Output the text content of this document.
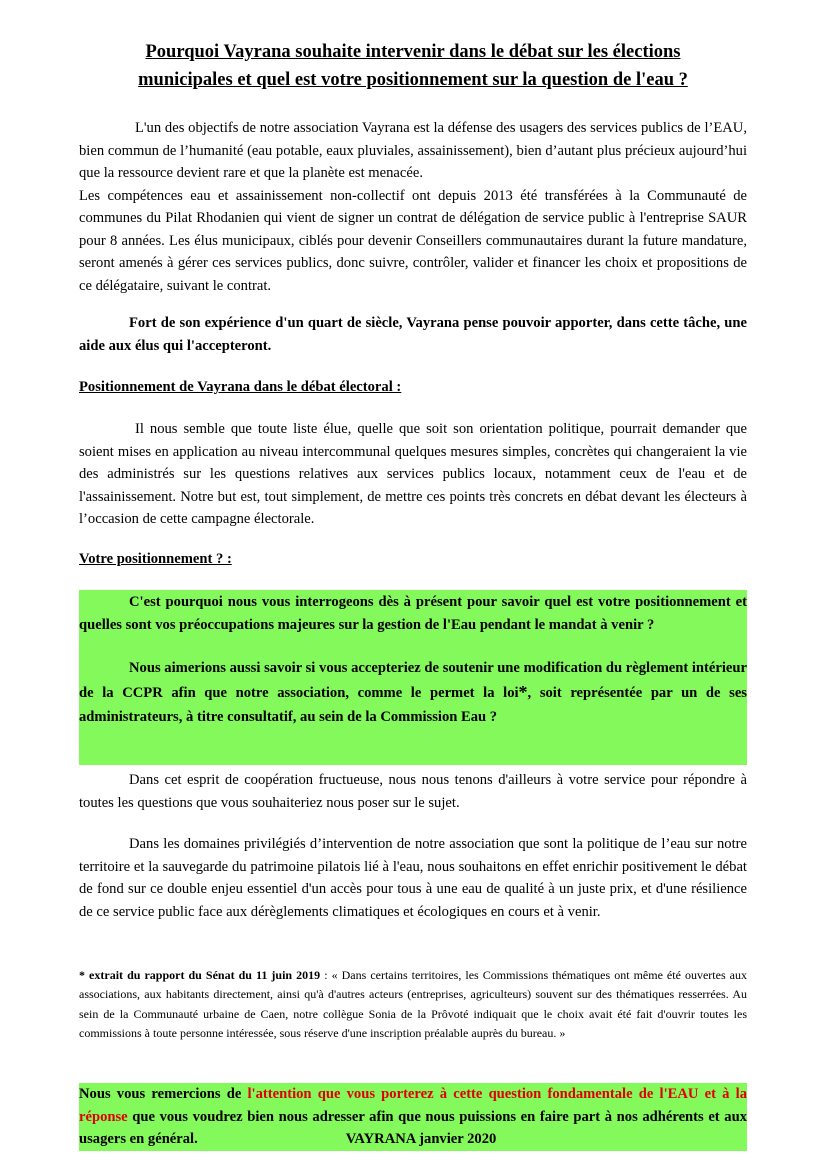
Pourquoi Vayrana souhaite intervenir dans le débat sur les élections
municipales et quel est votre positionnement sur la question de l'eau ?
L'un des objectifs de notre association Vayrana est la défense des usagers des services publics de l’EAU, bien commun de l’humanité (eau potable, eaux pluviales, assainissement), bien d’autant plus précieux aujourd’hui que la ressource devient rare et que la planète est menacée.
Les compétences eau et assainissement non-collectif ont depuis 2013 été transférées à la Communauté de communes du Pilat Rhodanien qui vient de signer un contrat de délégation de service public à l'entreprise SAUR pour 8 années. Les élus municipaux, ciblés pour devenir Conseillers communautaires durant la future mandature, seront amenés à gérer ces services publics, donc suivre, contrôler, valider et financer les choix et propositions de ce délégataire, suivant le contrat.
Fort de son expérience d'un quart de siècle, Vayrana pense pouvoir apporter, dans cette tâche, une aide aux élus qui l'accepteront.
Positionnement de Vayrana dans le débat électoral :
Il nous semble que toute liste élue, quelle que soit son orientation politique, pourrait demander que soient mises en application au niveau intercommunal quelques mesures simples, concrètes qui changeraient la vie des administrés sur les questions relatives aux services publics locaux, notamment ceux de l'eau et de l'assainissement. Notre but est, tout simplement, de mettre ces points très concrets en débat devant les électeurs à l’occasion de cette campagne électorale.
Votre positionnement ? :
C'est pourquoi nous vous interrogeons dès à présent pour savoir quel est votre positionnement et quelles sont vos préoccupations majeures sur la gestion de l'Eau pendant le mandat à venir ?
Nous aimerions aussi savoir si vous accepteriez de soutenir une modification du règlement intérieur de la CCPR afin que notre association, comme le permet la loi*, soit représentée par un de ses administrateurs, à titre consultatif, au sein de la Commission Eau ?
Dans cet esprit de coopération fructueuse, nous nous tenons d'ailleurs à votre service pour répondre à toutes les questions que vous souhaiteriez nous poser sur le sujet.
Dans les domaines privilégiés d’intervention de notre association que sont la politique de l’eau sur notre territoire et la sauvegarde du patrimoine pilatois lié à l'eau, nous souhaitons en effet enrichir positivement le débat de fond sur ce double enjeu essentiel d'un accès pour tous à une eau de qualité à un juste prix, et d'une résilience de ce service public face aux dérèglements climatiques et écologiques en cours et à venir.
* extrait du rapport du Sénat du 11 juin 2019 : « Dans certains territoires, les Commissions thématiques ont même été ouvertes aux associations, aux habitants directement, ainsi qu'à d'autres acteurs (entreprises, agriculteurs) souvent sur des thématiques resserrées. Au sein de la Communauté urbaine de Caen, notre collègue Sonia de la Prôvoté indiquait que le choix avait été fait d'ouvrir toutes les commissions à toute personne intéressée, sous réserve d'une inscription préalable auprès du bureau. »
Nous vous remercions de l'attention que vous porterez à cette question fondamentale de l'EAU et à la réponse que vous voudrez bien nous adresser afin que nous puissions en faire part à nos adhérents et aux usagers en général.	VAYRANA janvier 2020
